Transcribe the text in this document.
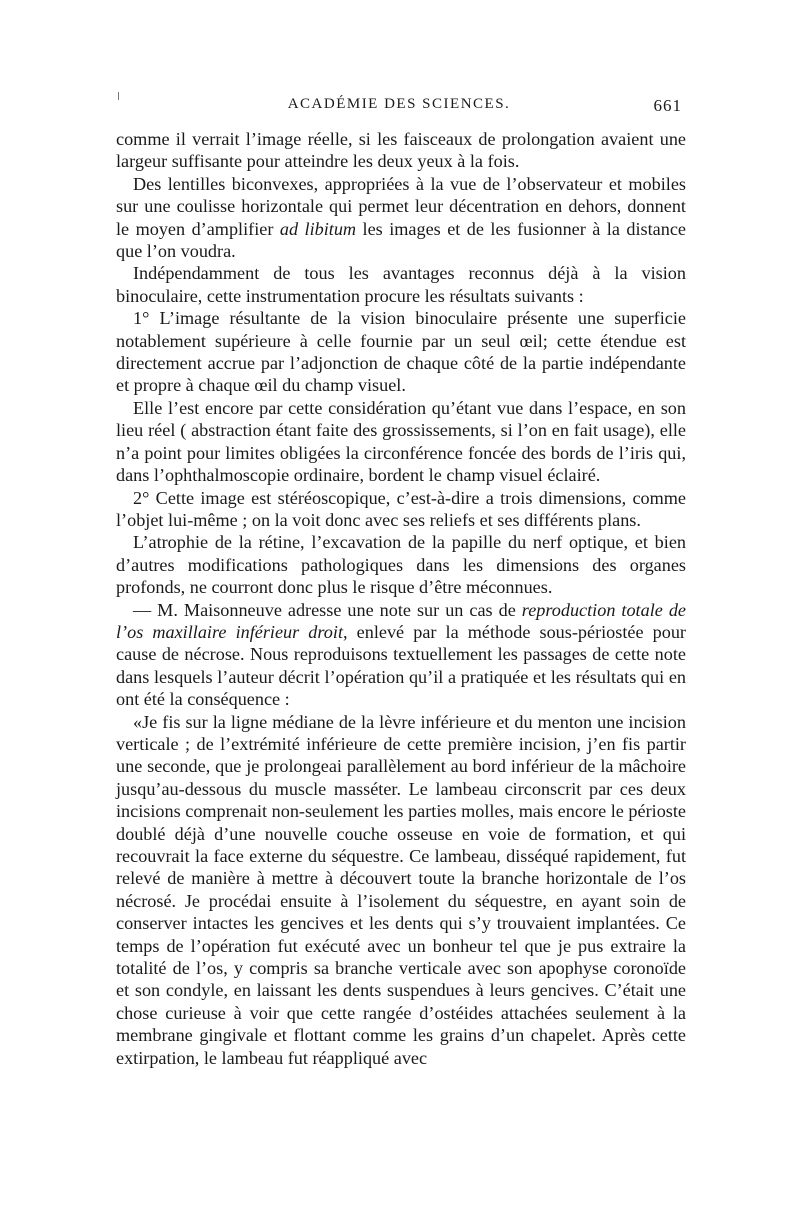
ACADÉMIE DES SCIENCES.	661

comme il verrait l’image réelle, si les faisceaux de prolongation avaient une largeur suffisante pour atteindre les deux yeux à la fois.

Des lentilles biconvexes, appropriées à la vue de l’observateur et mobiles sur une coulisse horizontale qui permet leur décentration en dehors, donnent le moyen d’amplifier ad libitum les images et de les fusionner à la distance que l’on voudra.

Indépendamment de tous les avantages reconnus déjà à la vision binoculaire, cette instrumentation procure les résultats suivants :

1° L’image résultante de la vision binoculaire présente une superficie notablement supérieure à celle fournie par un seul œil; cette étendue est directement accrue par l’adjonction de chaque côté de la partie indépendante et propre à chaque œil du champ visuel.

Elle l’est encore par cette considération qu’étant vue dans l’espace, en son lieu réel ( abstraction étant faite des grossissements, si l’on en fait usage), elle n’a point pour limites obligées la circonférence foncée des bords de l’iris qui, dans l’ophthalmoscopie ordinaire, bordent le champ visuel éclairé.

2° Cette image est stéréoscopique, c’est-à-dire a trois dimensions, comme l’objet lui-même ; on la voit donc avec ses reliefs et ses différents plans.

L’atrophie de la rétine, l’excavation de la papille du nerf optique, et bien d’autres modifications pathologiques dans les dimensions des organes profonds, ne courront donc plus le risque d’être méconnues.

— M. Maisonneuve adresse une note sur un cas de reproduction totale de l’os maxillaire inférieur droit, enlevé par la méthode sous-périostée pour cause de nécrose. Nous reproduisons textuellement les passages de cette note dans lesquels l’auteur décrit l’opération qu’il a pratiquée et les résultats qui en ont été la conséquence :

«Je fis sur la ligne médiane de la lèvre inférieure et du menton une incision verticale ; de l’extrémité inférieure de cette première incision, j’en fis partir une seconde, que je prolongeai parallèlement au bord inférieur de la mâchoire jusqu’au-dessous du muscle masséter. Le lambeau circonscrit par ces deux incisions comprenait non-seulement les parties molles, mais encore le périoste doublé déjà d’une nouvelle couche osseuse en voie de formation, et qui recouvrait la face externe du séquestre. Ce lambeau, disséqué rapidement, fut relevé de manière à mettre à découvert toute la branche horizontale de l’os nécrosé. Je procédai ensuite à l’isolement du séquestre, en ayant soin de conserver intactes les gencives et les dents qui s’y trouvaient implantées. Ce temps de l’opération fut exécuté avec un bonheur tel que je pus extraire la totalité de l’os, y compris sa branche verticale avec son apophyse coronoïde et son condyle, en laissant les dents suspendues à leurs gencives. C’était une chose curieuse à voir que cette rangée d’ostéides attachées seulement à la membrane gingivale et flottant comme les grains d’un chapelet. Après cette extirpation, le lambeau fut réappliqué avec
